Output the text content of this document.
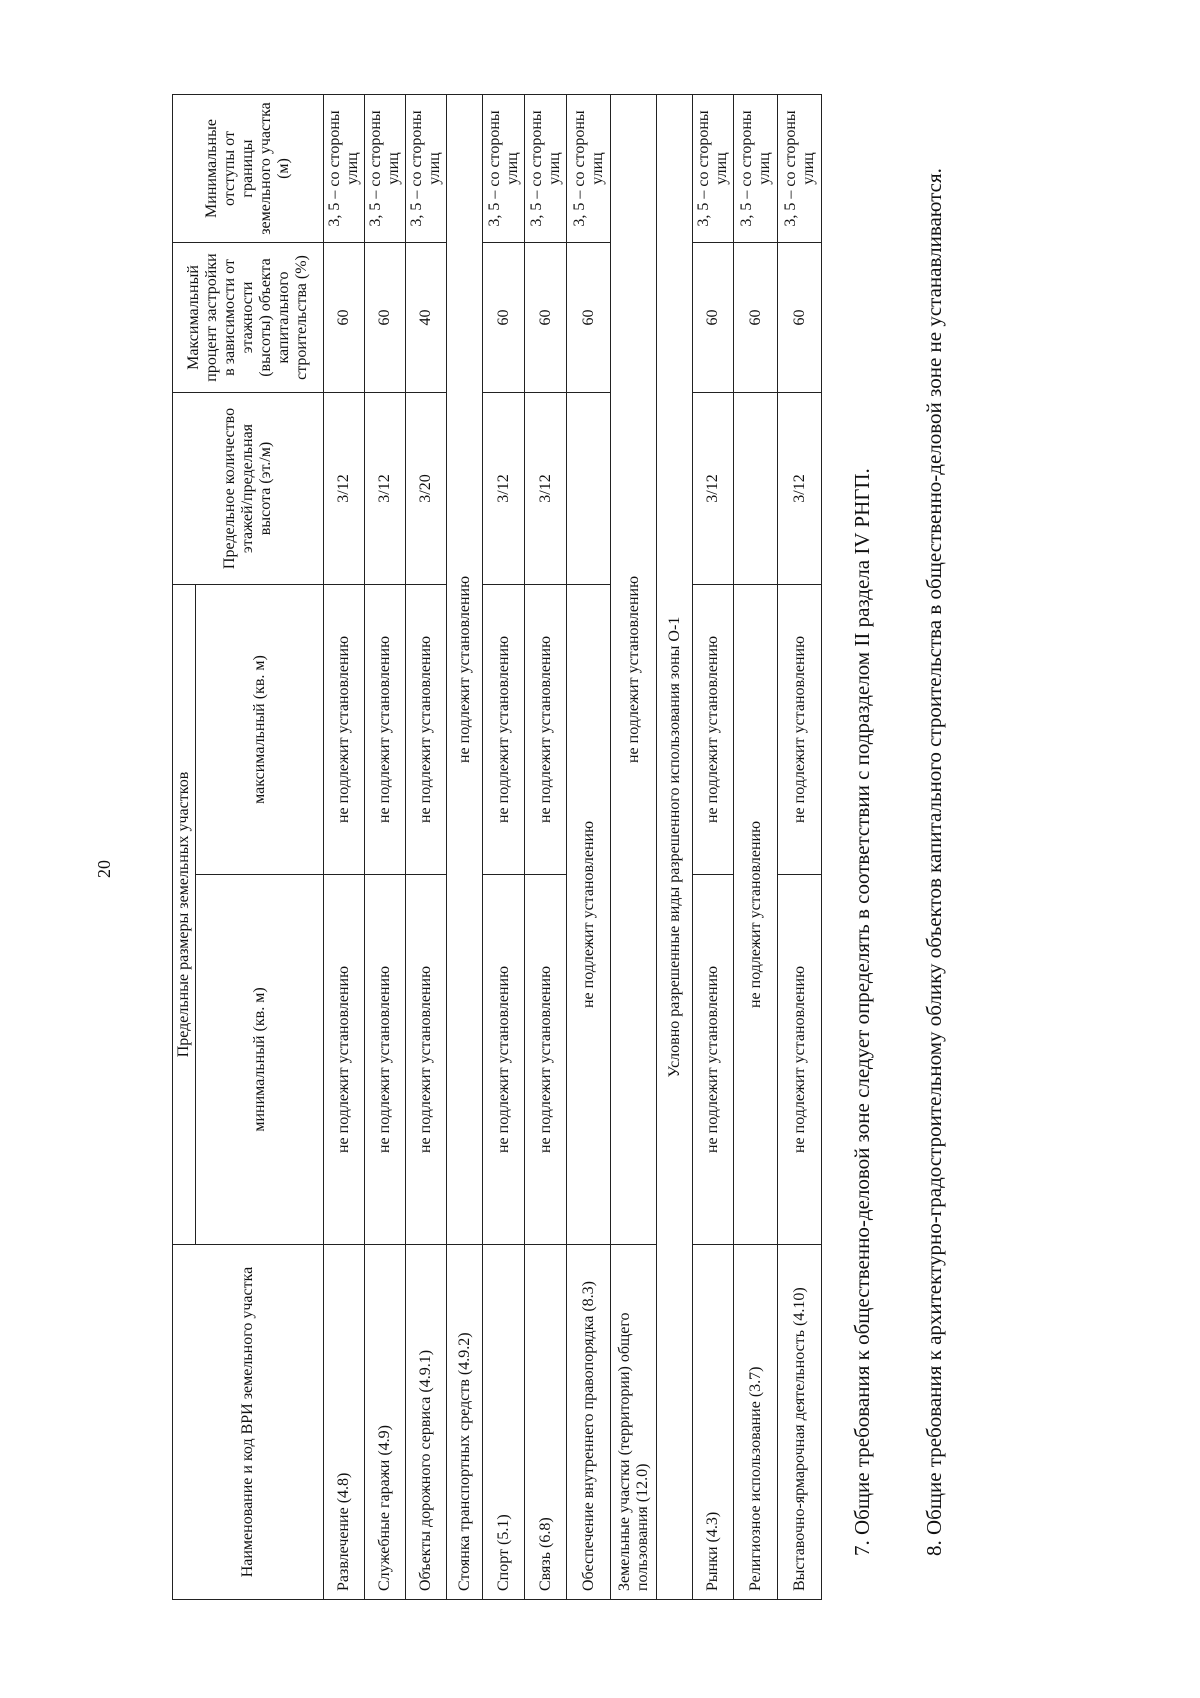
20
Наименование и код ВРИ земельного участка	Предельные размеры земельных участков		Предельное количество этажей/предельная высота (эт./м)	Максимальный процент застройки в зависимости от этажности (высоты) объекта капитального строительства (%)	Минимальные отступы от границы земельного участка (м)
	минимальный (кв. м)	максимальный (кв. м)			
Развлечение (4.8)	не подлежит установлению	не подлежит установлению	3/12	60	3, 5 – со стороны улиц
Служебные гаражи (4.9)	не подлежит установлению	не подлежит установлению	3/12	60	3, 5 – со стороны улиц
Объекты дорожного сервиса (4.9.1)	не подлежит установлению	не подлежит установлению	3/20	40	3, 5 – со стороны улиц
Стоянка транспортных средств (4.9.2)	не подлежит установлению				
Спорт (5.1)	не подлежит установлению	не подлежит установлению	3/12	60	3, 5 – со стороны улиц
Связь (6.8)	не подлежит установлению	не подлежит установлению	3/12	60	3, 5 – со стороны улиц
Обеспечение внутреннего правопорядка (8.3)	не подлежит установлению			60	3, 5 – со стороны улиц
Земельные участки (территории) общего пользования (12.0)	не подлежит установлению				
Условно разрешенные виды разрешенного использования зоны О-1					
Рынки (4.3)	не подлежит установлению	не подлежит установлению	3/12	60	3, 5 – со стороны улиц
Религиозное использование (3.7)	не подлежит установлению			60	3, 5 – со стороны улиц
Выставочно-ярмарочная деятельность (4.10)	не подлежит установлению	не подлежит установлению	3/12	60	3, 5 – со стороны улиц
7. Общие требования к общественно-деловой зоне следует определять в соответствии с подразделом II раздела IV РНГП. 8. Общие требования к архитектурно-градостроительному облику объектов капитального строительства в общественно-деловой зоне не устанавливаются.
